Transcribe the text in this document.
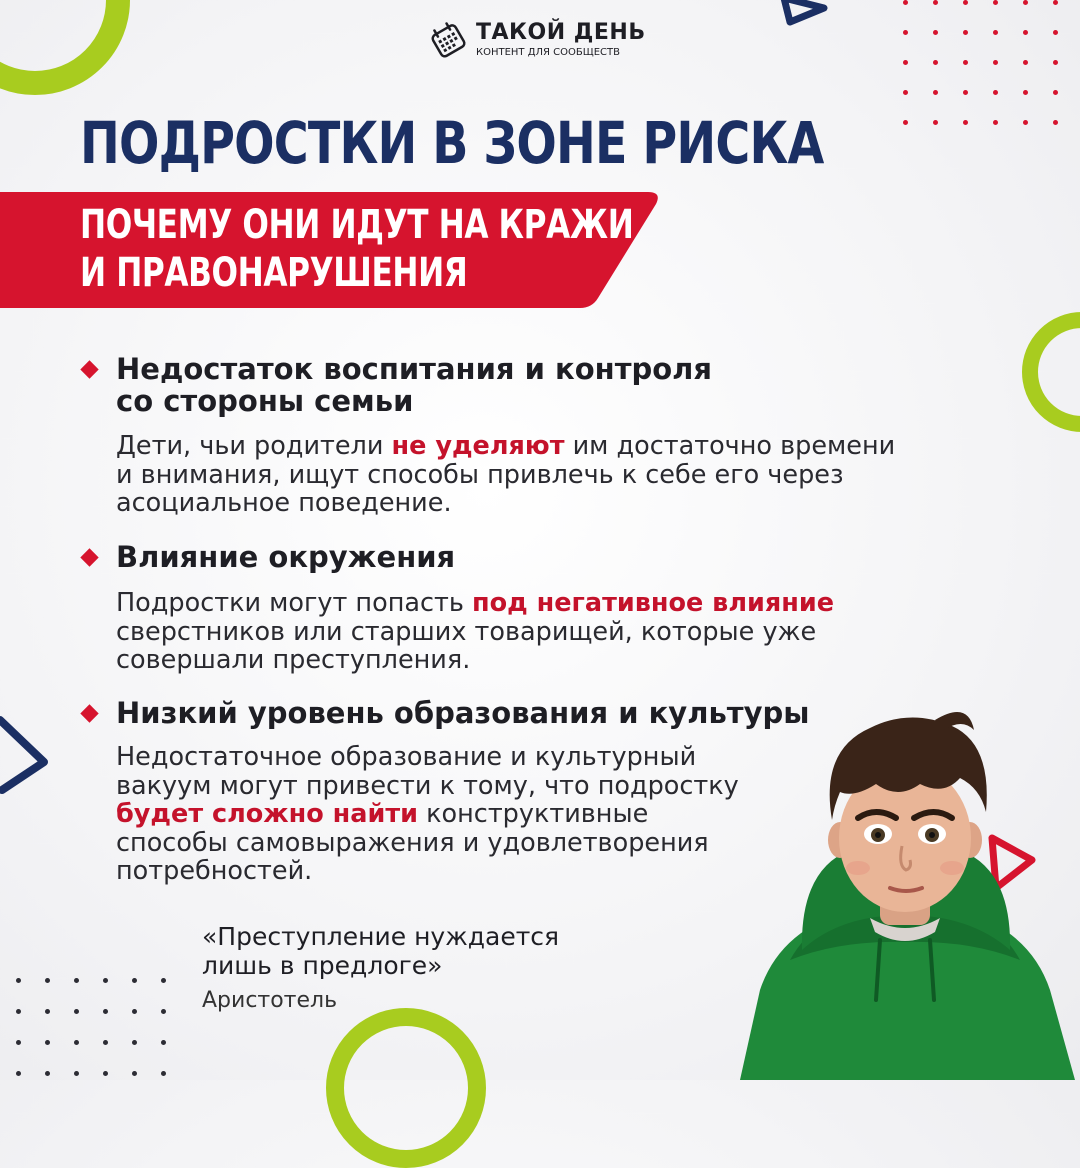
ТАКОЙ ДЕНЬ
КОНТЕНТ ДЛЯ СООБЩЕСТВ
ПОДРОСТКИ В ЗОНЕ РИСКА
ПОЧЕМУ ОНИ ИДУТ НА КРАЖИ
И ПРАВОНАРУШЕНИЯ
Недостаток воспитания и контроля
со стороны семьи
Дети, чьи родители не уделяют им достаточно времени
и внимания, ищут способы привлечь к себе его через
асоциальное поведение.
Влияние окружения
Подростки могут попасть под негативное влияние
сверстников или старших товарищей, которые уже
совершали преступления.
Низкий уровень образования и культуры
Недостаточное образование и культурный
вакуум могут привести к тому, что подростку
будет сложно найти конструктивные
способы самовыражения и удовлетворения
потребностей.
«Преступление нуждается
лишь в предлоге»
Аристотель
